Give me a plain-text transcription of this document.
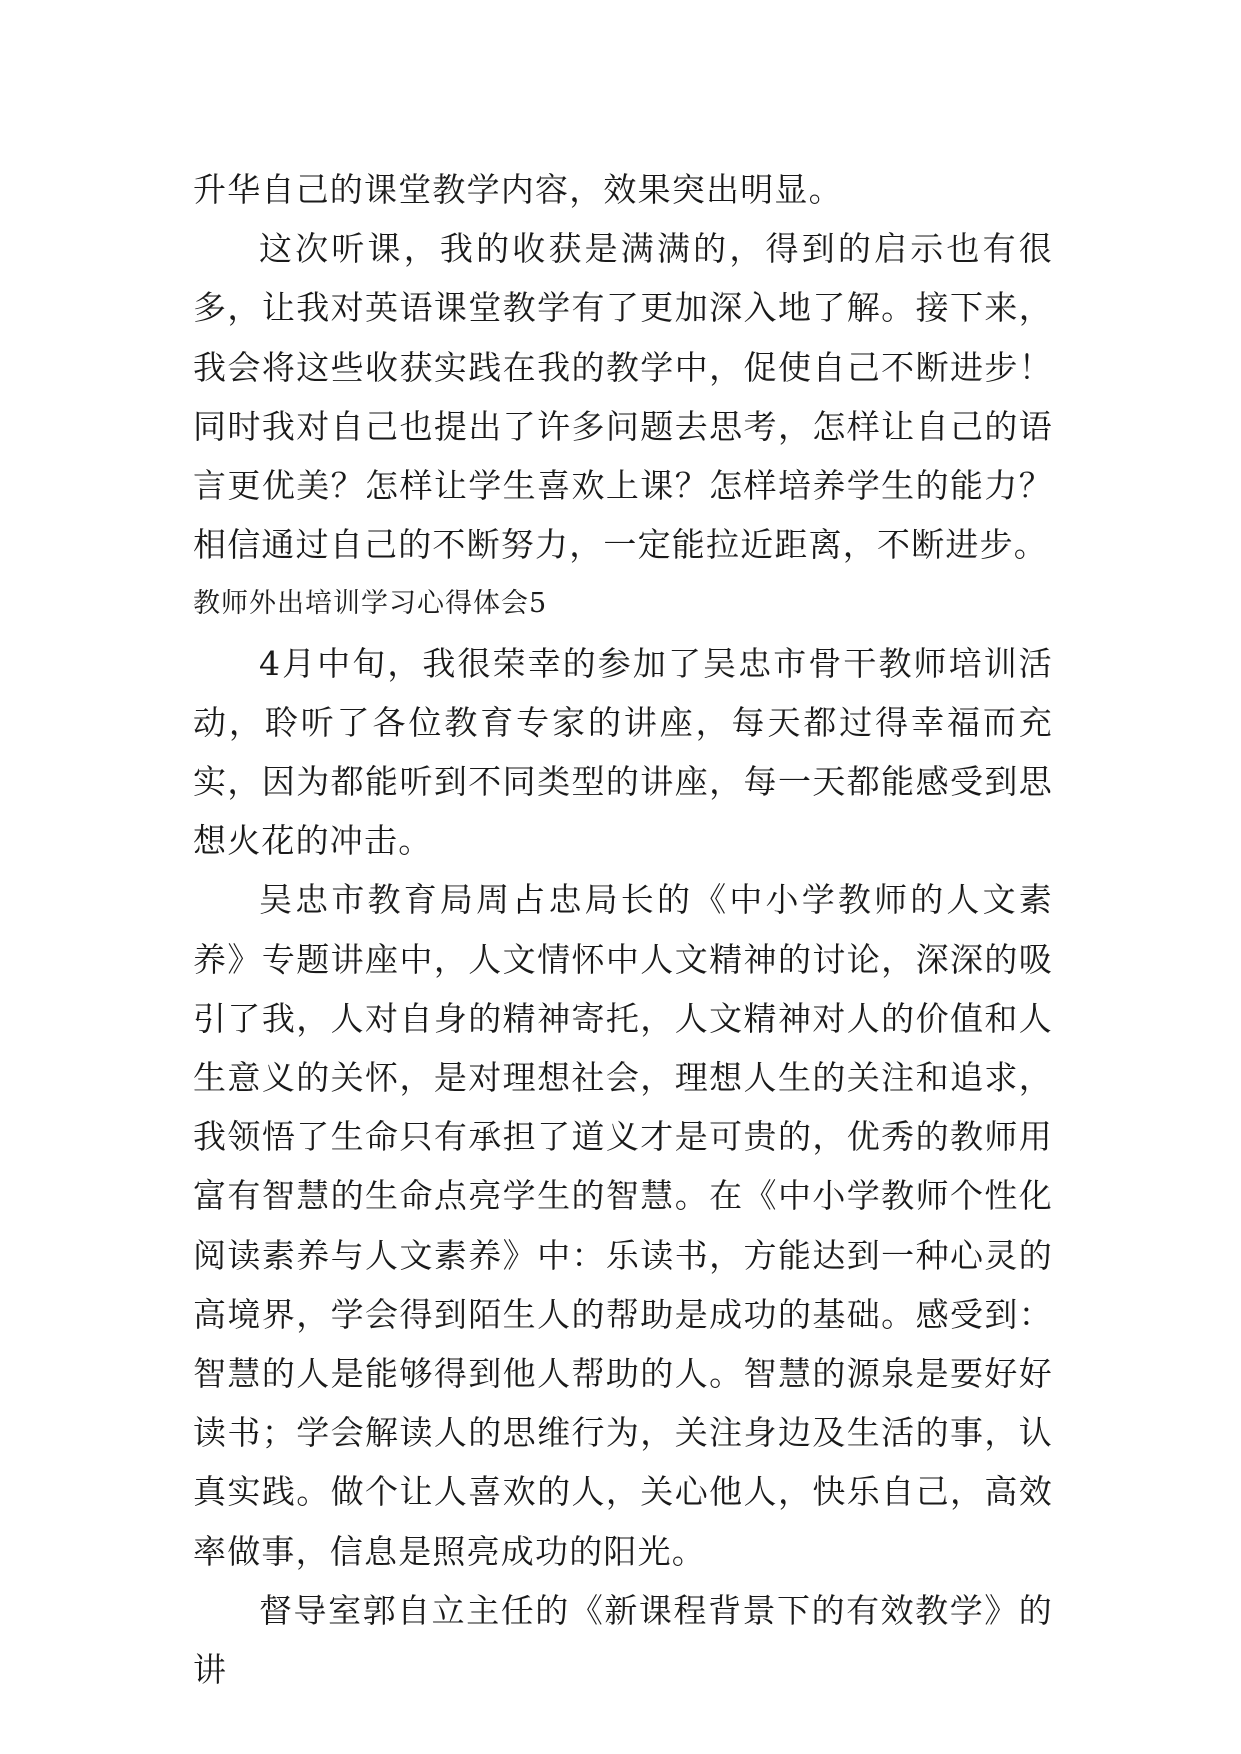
升华自己的课堂教学内容，效果突出明显。

这次听课，我的收获是满满的，得到的启示也有很多，让我对英语课堂教学有了更加深入地了解。接下来，我会将这些收获实践在我的教学中，促使自己不断进步！同时我对自己也提出了许多问题去思考，怎样让自己的语言更优美？怎样让学生喜欢上课？怎样培养学生的能力？相信通过自己的不断努力，一定能拉近距离，不断进步。

教师外出培训学习心得体会5

4月中旬，我很荣幸的参加了吴忠市骨干教师培训活动，聆听了各位教育专家的讲座，每天都过得幸福而充实，因为都能听到不同类型的讲座，每一天都能感受到思想火花的冲击。

吴忠市教育局周占忠局长的《中小学教师的人文素养》专题讲座中，人文情怀中人文精神的讨论，深深的吸引了我，人对自身的精神寄托，人文精神对人的价值和人生意义的关怀，是对理想社会，理想人生的关注和追求，我领悟了生命只有承担了道义才是可贵的，优秀的教师用富有智慧的生命点亮学生的智慧。在《中小学教师个性化阅读素养与人文素养》中：乐读书，方能达到一种心灵的高境界，学会得到陌生人的帮助是成功的基础。感受到：智慧的人是能够得到他人帮助的人。智慧的源泉是要好好读书；学会解读人的思维行为，关注身边及生活的事，认真实践。做个让人喜欢的人，关心他人，快乐自己，高效率做事，信息是照亮成功的阳光。

督导室郭自立主任的《新课程背景下的有效教学》的讲
